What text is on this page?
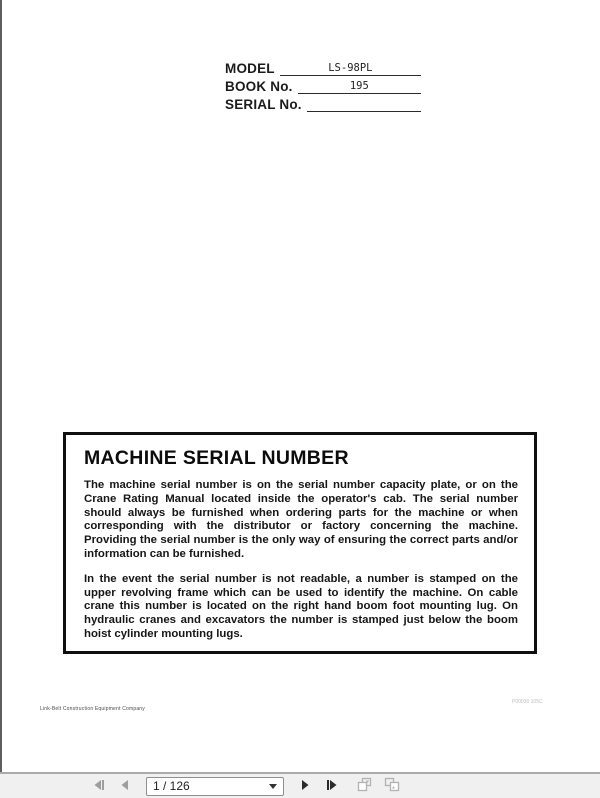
MODEL	LS-98PL
BOOK No.	195
SERIAL No.
MACHINE SERIAL NUMBER

The machine serial number is on the serial number capacity plate, or on the Crane Rating Manual located inside the operator's cab. The serial number should always be furnished when ordering parts for the machine or when corresponding with the distributor or factory concerning the machine. Providing the serial number is the only way of ensuring the correct parts and/or information can be furnished.

In the event the serial number is not readable, a number is stamped on the upper revolving frame which can be used to identify the machine. On cable crane this number is located on the right hand boom foot mounting lug. On hydraulic cranes and excavators the number is stamped just below the boom hoist cylinder mounting lugs.

Link-Belt Construction Equipment Company
P00030 105C
1 / 126
